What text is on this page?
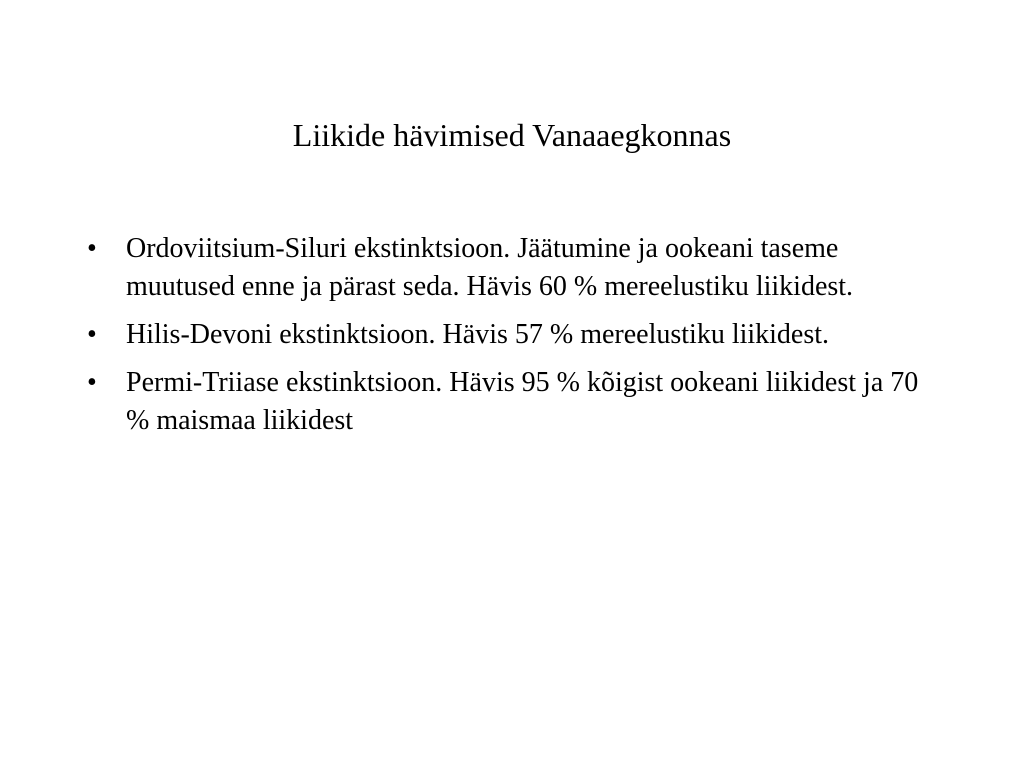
Liikide hävimised Vanaaegkonnas
•	Ordoviitsium-Siluri ekstinktsioon. Jäätumine ja ookeani taseme muutused enne ja pärast seda. Hävis 60 % mereelustiku liikidest.
•	Hilis-Devoni ekstinktsioon. Hävis 57 % mereelustiku liikidest.
•	Permi-Triiase ekstinktsioon. Hävis 95 % kõigist ookeani liikidest ja 70 % maismaa liikidest
